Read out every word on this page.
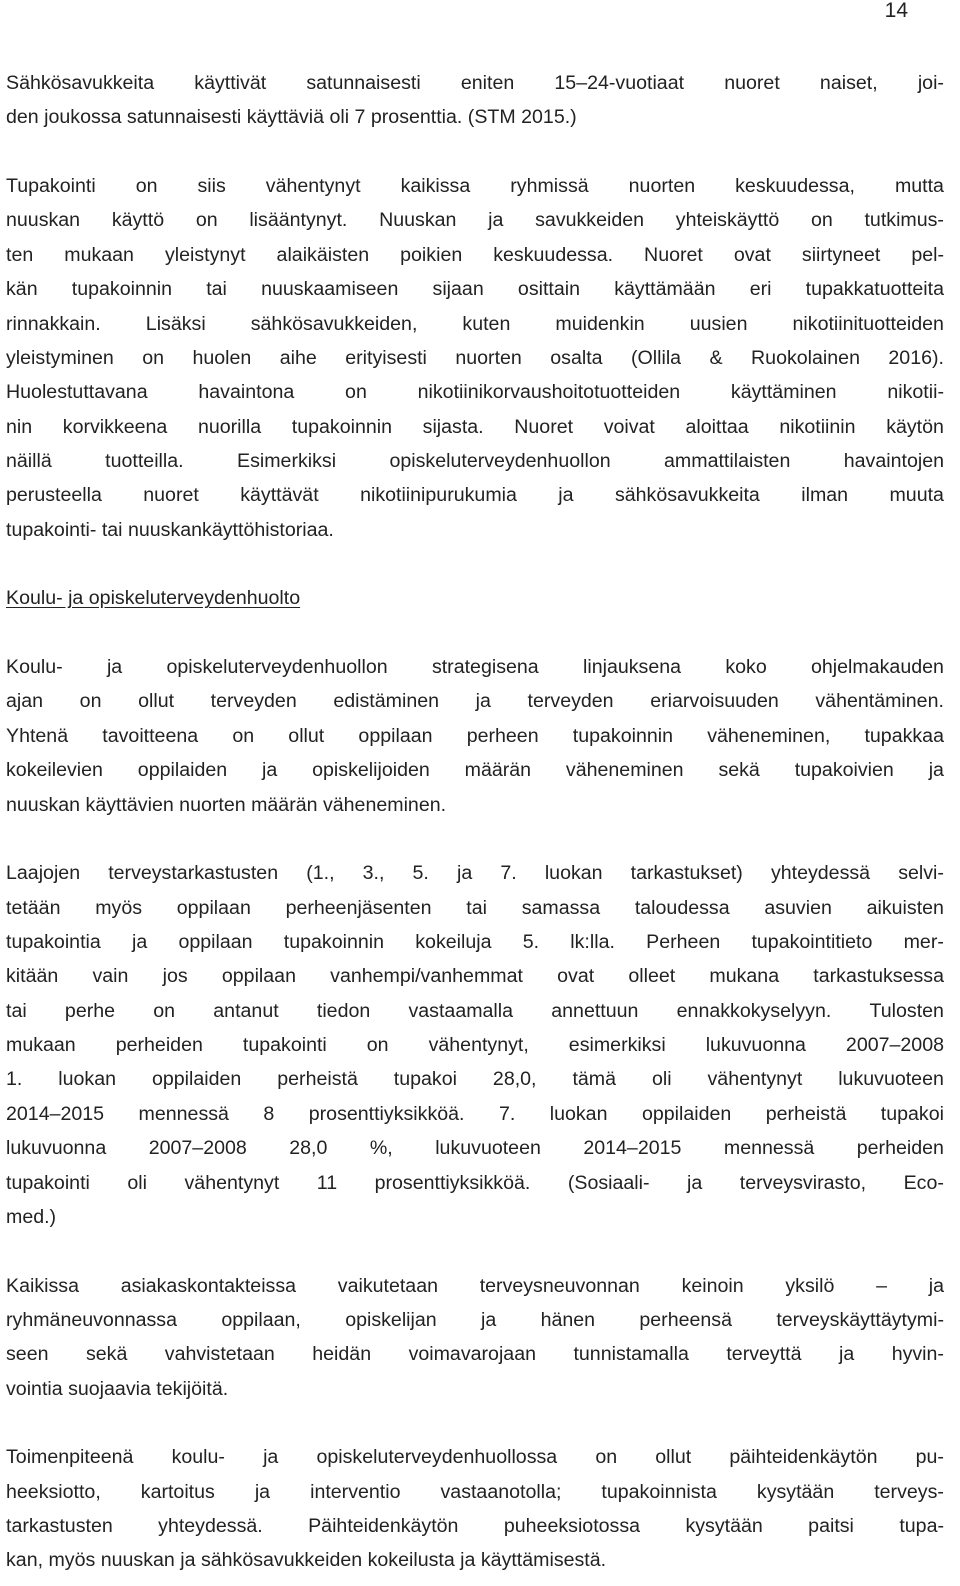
14
Sähkösavukkeita käyttivät satunnaisesti eniten 15–24-vuotiaat nuoret naiset, joi-
den joukossa satunnaisesti käyttäviä oli 7 prosenttia. (STM 2015.)
Tupakointi on siis vähentynyt kaikissa ryhmissä nuorten keskuudessa, mutta
nuuskan käyttö on lisääntynyt. Nuuskan ja savukkeiden yhteiskäyttö on tutkimus-
ten mukaan yleistynyt alaikäisten poikien keskuudessa. Nuoret ovat siirtyneet pel-
kän tupakoinnin tai nuuskaamiseen sijaan osittain käyttämään eri tupakkatuotteita
rinnakkain. Lisäksi sähkösavukkeiden, kuten muidenkin uusien nikotiinituotteiden
yleistyminen on huolen aihe erityisesti nuorten osalta (Ollila & Ruokolainen 2016).
Huolestuttavana	havaintona	on	nikotiinikorvaushoitotuotteiden	käyttäminen	nikotii-
nin korvikkeena nuorilla tupakoinnin sijasta. Nuoret voivat aloittaa nikotiinin käytön
näillä	tuotteilla.	Esimerkiksi	opiskeluterveydenhuollon	ammattilaisten	havaintojen
perusteella nuoret käyttävät nikotiinipurukumia ja sähkösavukkeita ilman muuta
tupakointi- tai nuuskankäyttöhistoriaa.
Koulu- ja opiskeluterveydenhuolto
Koulu- ja opiskeluterveydenhuollon strategisena linjauksena koko ohjelmakauden
ajan on ollut terveyden edistäminen ja terveyden eriarvoisuuden vähentäminen.
Yhtenä tavoitteena on ollut oppilaan perheen tupakoinnin väheneminen, tupakkaa
kokeilevien oppilaiden ja opiskelijoiden määrän väheneminen sekä tupakoivien ja
nuuskan käyttävien nuorten määrän väheneminen.
Laajojen terveystarkastusten (1., 3., 5. ja 7. luokan tarkastukset) yhteydessä selvi-
tetään myös oppilaan perheenjäsenten tai samassa taloudessa asuvien aikuisten
tupakointia ja oppilaan tupakoinnin kokeiluja 5. lk:lla. Perheen tupakointitieto mer-
kitään vain jos oppilaan vanhempi/vanhemmat ovat olleet mukana tarkastuksessa
tai perhe on antanut tiedon vastaamalla annettuun ennakkokyselyyn. Tulosten
mukaan perheiden tupakointi on vähentynyt, esimerkiksi lukuvuonna 2007–2008
1. luokan oppilaiden perheistä tupakoi 28,0, tämä oli vähentynyt lukuvuoteen
2014–2015 mennessä 8 prosenttiyksikköä. 7. luokan oppilaiden perheistä tupakoi
lukuvuonna 2007–2008 28,0 %, lukuvuoteen 2014–2015 mennessä perheiden
tupakointi oli vähentynyt 11 prosenttiyksikköä. (Sosiaali- ja terveysvirasto, Eco-
med.)
Kaikissa asiakaskontakteissa vaikutetaan terveysneuvonnan keinoin yksilö – ja
ryhmäneuvonnassa oppilaan, opiskelijan ja hänen perheensä terveyskäyttäytymi-
seen sekä vahvistetaan heidän voimavarojaan tunnistamalla terveyttä ja hyvin-
vointia suojaavia tekijöitä.
Toimenpiteenä koulu- ja opiskeluterveydenhuollossa on ollut päihteidenkäytön pu-
heeksiotto, kartoitus ja interventio vastaanotolla; tupakoinnista kysytään terveys-
tarkastusten yhteydessä. Päihteidenkäytön puheeksiotossa kysytään paitsi tupa-
kan, myös nuuskan ja sähkösavukkeiden kokeilusta ja käyttämisestä.
